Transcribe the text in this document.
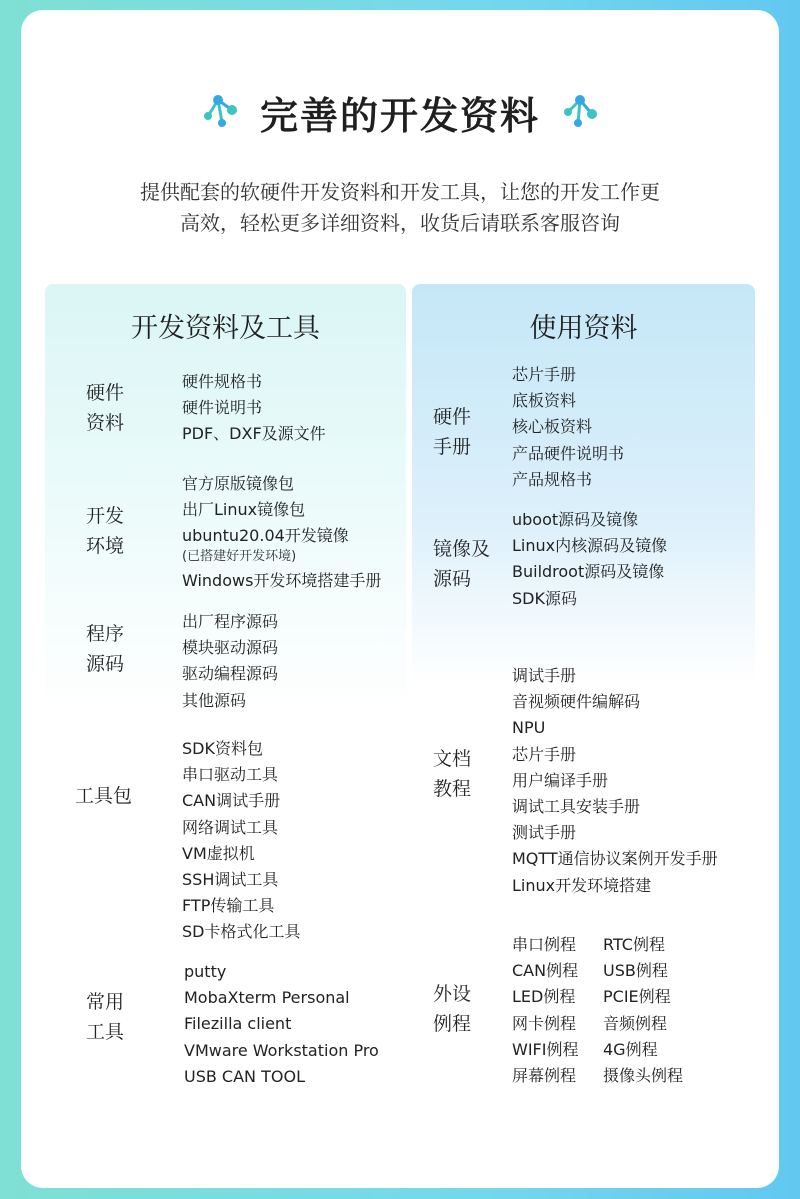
完善的开发资料
提供配套的软硬件开发资料和开发工具，让您的开发工作更
高效，轻松更多详细资料，收货后请联系客服咨询
开发资料及工具
硬件
资料
硬件规格书
硬件说明书
PDF、DXF及源文件
开发
环境
官方原版镜像包
出厂Linux镜像包
ubuntu20.04开发镜像
(已搭建好开发环境)
Windows开发环境搭建手册
程序
源码
出厂程序源码
模块驱动源码
驱动编程源码
其他源码
工具包
SDK资料包
串口驱动工具
CAN调试手册
网络调试工具
VM虚拟机
SSH调试工具
FTP传输工具
SD卡格式化工具
常用
工具
putty
MobaXterm Personal
Filezilla client
VMware Workstation Pro
USB CAN TOOL
使用资料
硬件
手册
芯片手册
底板资料
核心板资料
产品硬件说明书
产品规格书
镜像及
源码
uboot源码及镜像
Linux内核源码及镜像
Buildroot源码及镜像
SDK源码
文档
教程
调试手册
音视频硬件编解码
NPU
芯片手册
用户编译手册
调试工具安装手册
测试手册
MQTT通信协议案例开发手册
Linux开发环境搭建
外设
例程
串口例程
CAN例程
LED例程
网卡例程
WIFI例程
屏幕例程
RTC例程
USB例程
PCIE例程
音频例程
4G例程
摄像头例程
